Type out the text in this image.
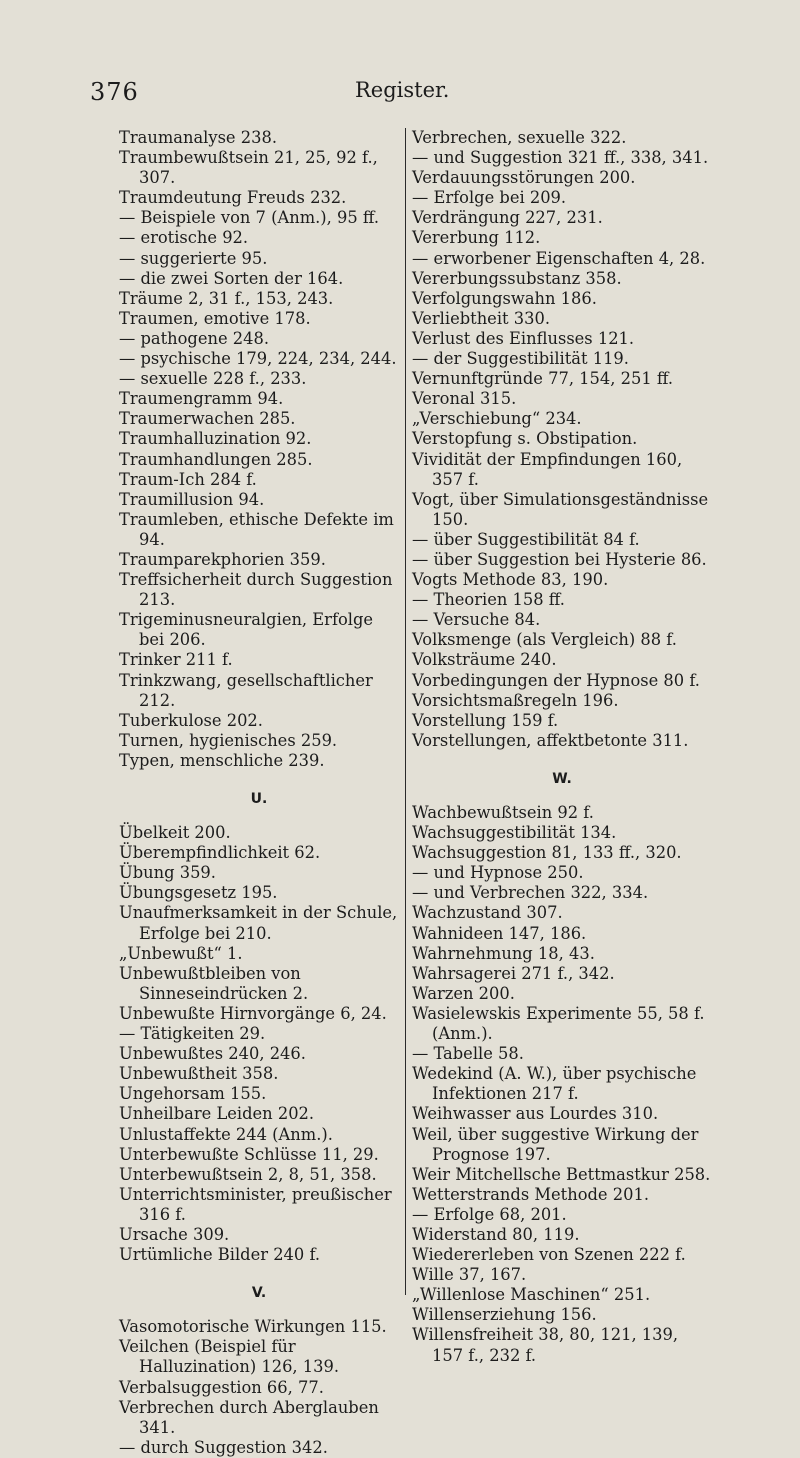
376	Register.
Traumanalyse 238.
Traumbewußtsein 21, 25, 92 f., 307.
Traumdeutung Freuds 232.
— Beispiele von 7 (Anm.), 95 ff.
— erotische 92.
— suggerierte 95.
— die zwei Sorten der 164.
Träume 2, 31 f., 153, 243.
Traumen, emotive 178.
— pathogene 248.
— psychische 179, 224, 234, 244.
— sexuelle 228 f., 233.
Traumengramm 94.
Traumerwachen 285.
Traumhalluzination 92.
Traumhandlungen 285.
Traum-Ich 284 f.
Traumillusion 94.
Traumleben, ethische Defekte im 94.
Traumparekphorien 359.
Treffsicherheit durch Suggestion 213.
Trigeminusneuralgien, Erfolge bei 206.
Trinker 211 f.
Trinkzwang, gesellschaftlicher 212.
Tuberkulose 202.
Turnen, hygienisches 259.
Typen, menschliche 239.
U.
Übelkeit 200.
Überempfindlichkeit 62.
Übung 359.
Übungsgesetz 195.
Unaufmerksamkeit in der Schule, Erfolge bei 210.
„Unbewußt“ 1.
Unbewußtbleiben von Sinneseindrücken 2.
Unbewußte Hirnvorgänge 6, 24.
— Tätigkeiten 29.
Unbewußtes 240, 246.
Unbewußtheit 358.
Ungehorsam 155.
Unheilbare Leiden 202.
Unlustaffekte 244 (Anm.).
Unterbewußte Schlüsse 11, 29.
Unterbewußtsein 2, 8, 51, 358.
Unterrichtsminister, preußischer 316 f.
Ursache 309.
Urtümliche Bilder 240 f.
V.
Vasomotorische Wirkungen 115.
Veilchen (Beispiel für Halluzination) 126, 139.
Verbalsuggestion 66, 77.
Verbrechen durch Aberglauben 341.
— durch Suggestion 342.
Verbrechen, sexuelle 322.
— und Suggestion 321 ff., 338, 341.
Verdauungsstörungen 200.
— Erfolge bei 209.
Verdrängung 227, 231.
Vererbung 112.
— erworbener Eigenschaften 4, 28.
Vererbungssubstanz 358.
Verfolgungswahn 186.
Verliebtheit 330.
Verlust des Einflusses 121.
— der Suggestibilität 119.
Vernunftgründe 77, 154, 251 ff.
Veronal 315.
„Verschiebung“ 234.
Verstopfung s. Obstipation.
Vividität der Empfindungen 160, 357 f.
Vogt, über Simulationsgeständnisse 150.
— über Suggestibilität 84 f.
— über Suggestion bei Hysterie 86.
Vogts Methode 83, 190.
— Theorien 158 ff.
— Versuche 84.
Volksmenge (als Vergleich) 88 f.
Volksträume 240.
Vorbedingungen der Hypnose 80 f.
Vorsichtsmaßregeln 196.
Vorstellung 159 f.
Vorstellungen, affektbetonte 311.
W.
Wachbewußtsein 92 f.
Wachsuggestibilität 134.
Wachsuggestion 81, 133 ff., 320.
— und Hypnose 250.
— und Verbrechen 322, 334.
Wachzustand 307.
Wahnideen 147, 186.
Wahrnehmung 18, 43.
Wahrsagerei 271 f., 342.
Warzen 200.
Wasielewskis Experimente 55, 58 f. (Anm.).
— Tabelle 58.
Wedekind (A. W.), über psychische Infektionen 217 f.
Weihwasser aus Lourdes 310.
Weil, über suggestive Wirkung der Prognose 197.
Weir Mitchellsche Bettmastkur 258.
Wetterstrands Methode 201.
— Erfolge 68, 201.
Widerstand 80, 119.
Wiedererleben von Szenen 222 f.
Wille 37, 167.
„Willenlose Maschinen“ 251.
Willenserziehung 156.
Willensfreiheit 38, 80, 121, 139, 157 f., 232 f.
